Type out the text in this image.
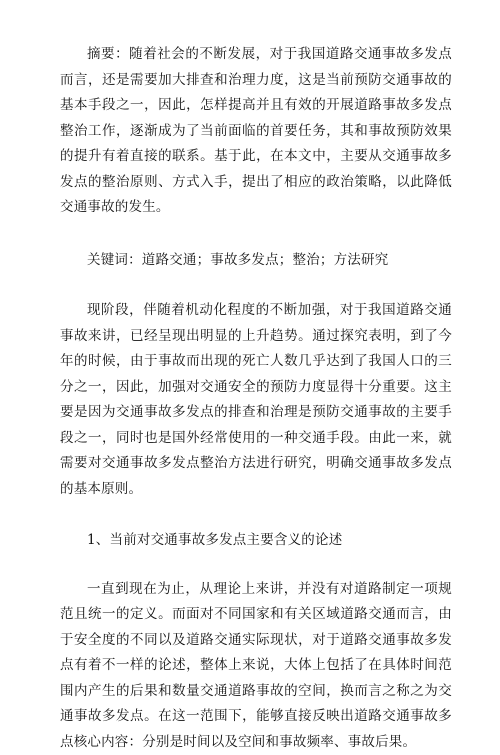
摘要：随着社会的不断发展，对于我国道路交通事故多发点而言，还是需要加大排查和治理力度，这是当前预防交通事故的基本手段之一，因此，怎样提高并且有效的开展道路事故多发点整治工作，逐渐成为了当前面临的首要任务，其和事故预防效果的提升有着直接的联系。基于此，在本文中，主要从交通事故多发点的整治原则、方式入手，提出了相应的政治策略，以此降低交通事故的发生。

关键词：道路交通；事故多发点；整治；方法研究

现阶段，伴随着机动化程度的不断加强，对于我国道路交通事故来讲，已经呈现出明显的上升趋势。通过探究表明，到了今年的时候，由于事故而出现的死亡人数几乎达到了我国人口的三分之一，因此，加强对交通安全的预防力度显得十分重要。这主要是因为交通事故多发点的排查和治理是预防交通事故的主要手段之一，同时也是国外经常使用的一种交通手段。由此一来，就需要对交通事故多发点整治方法进行研究，明确交通事故多发点的基本原则。

1、当前对交通事故多发点主要含义的论述

一直到现在为止，从理论上来讲，并没有对道路制定一项规范且统一的定义。而面对不同国家和有关区域道路交通而言，由于安全度的不同以及道路交通实际现状，对于道路交通事故多发点有着不一样的论述，整体上来说，大体上包括了在具体时间范围内产生的后果和数量交通道路事故的空间，换而言之称之为交通事故多发点。在这一范围下，能够直接反映出道路交通事故多点核心内容：分别是时间以及空间和事故频率、事故后果。
